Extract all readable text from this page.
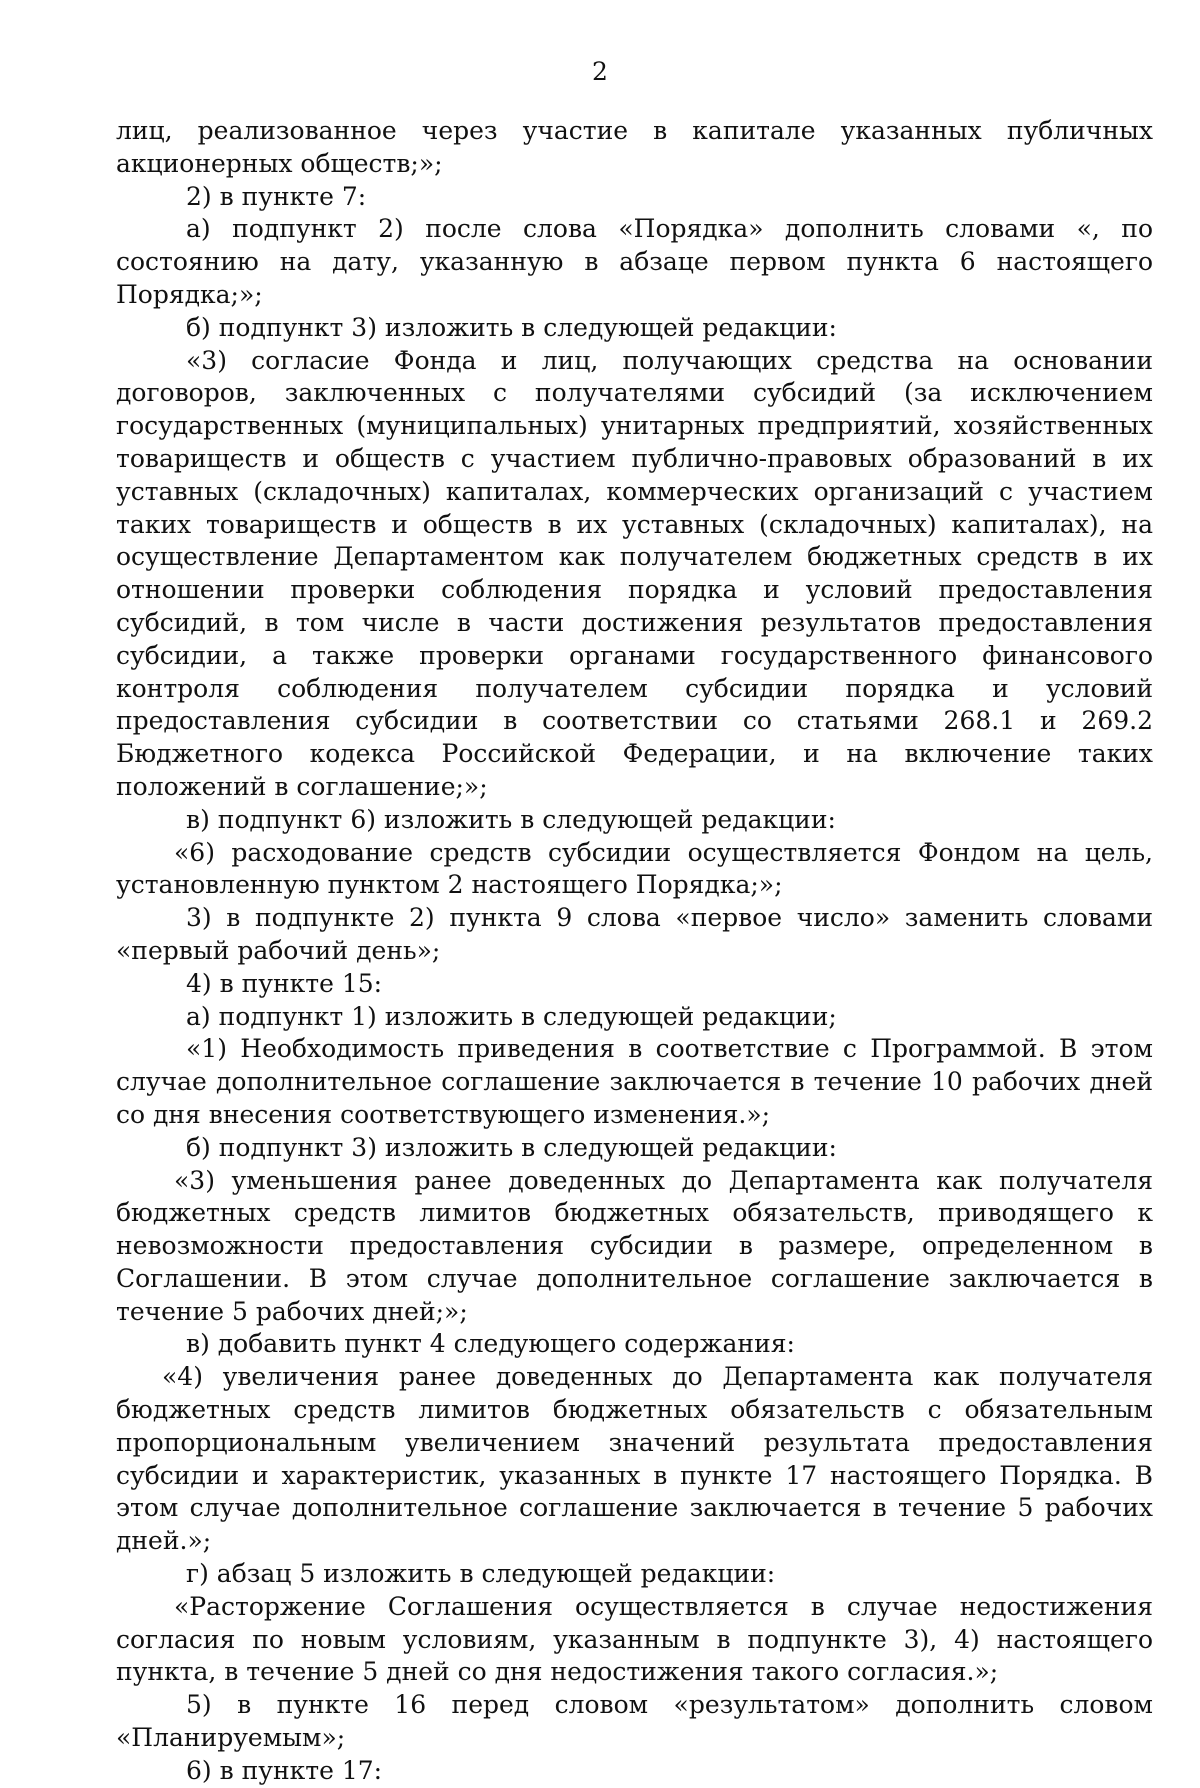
2

лиц, реализованное через участие в капитале указанных публичных акционерных обществ;»;

2) в пункте 7:

а) подпункт 2) после слова «Порядка» дополнить словами «, по состоянию на дату, указанную в абзаце первом пункта 6 настоящего Порядка;»;

б) подпункт 3) изложить в следующей редакции:

«3) согласие Фонда и лиц, получающих средства на основании договоров, заключенных с получателями субсидий (за исключением государственных (муниципальных) унитарных предприятий, хозяйственных товариществ и обществ с участием публично-правовых образований в их уставных (складочных) капиталах, коммерческих организаций с участием таких товариществ и обществ в их уставных (складочных) капиталах), на осуществление Департаментом как получателем бюджетных средств в их отношении проверки соблюдения порядка и условий предоставления субсидий, в том числе в части достижения результатов предоставления субсидии, а также проверки органами государственного финансового контроля соблюдения получателем субсидии порядка и условий предоставления субсидии в соответствии со статьями 268.1 и 269.2 Бюджетного кодекса Российской Федерации, и на включение таких положений в соглашение;»;

в) подпункт 6) изложить в следующей редакции:

«6) расходование средств субсидии осуществляется Фондом на цель, установленную пунктом 2 настоящего Порядка;»;

3) в подпункте 2) пункта 9 слова «первое число» заменить словами «первый рабочий день»;

4) в пункте 15:

а) подпункт 1) изложить в следующей редакции;

«1) Необходимость приведения в соответствие с Программой. В этом случае дополнительное соглашение заключается в течение 10 рабочих дней со дня внесения соответствующего изменения.»;

б) подпункт 3) изложить в следующей редакции:

«3) уменьшения ранее доведенных до Департамента как получателя бюджетных средств лимитов бюджетных обязательств, приводящего к невозможности предоставления субсидии в размере, определенном в Соглашении. В этом случае дополнительное соглашение заключается в течение 5 рабочих дней;»;

в) добавить пункт 4 следующего содержания:

«4) увеличения ранее доведенных до Департамента как получателя бюджетных средств лимитов бюджетных обязательств с обязательным пропорциональным увеличением значений результата предоставления субсидии и характеристик, указанных в пункте 17 настоящего Порядка. В этом случае дополнительное соглашение заключается в течение 5 рабочих дней.»;

г) абзац 5 изложить в следующей редакции:

«Расторжение Соглашения осуществляется в случае недостижения согласия по новым условиям, указанным в подпункте 3), 4) настоящего пункта, в течение 5 дней со дня недостижения такого согласия.»;

5) в пункте 16 перед словом «результатом» дополнить словом

«Планируемым»;

6) в пункте 17:
